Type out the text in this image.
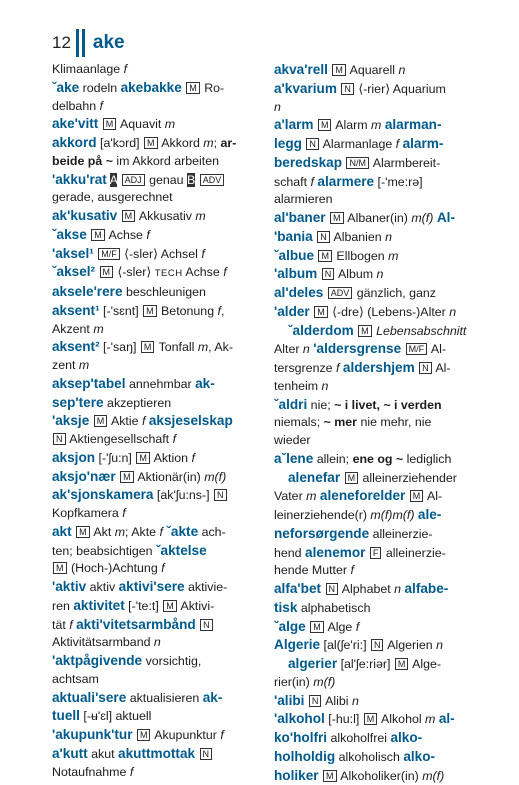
12 ake
Klimaanlage f
ˇake rodeln akebakke M Ro-
delbahn f
ake'vitt M Aquavit m
akkord [a'kɔrd] M Akkord m; ar-
beide på ~ im Akkord arbeiten
'akku'rat A ADJ genau B ADV
gerade, ausgerechnet
ak'kusativ M Akkusativ m
ˇakse M Achse f
'aksel¹ M/F ⟨-sler⟩ Achsel f
ˇaksel² M ⟨-sler⟩ TECH Achse f
aksele'rere beschleunigen
aksent¹ [-'sɛnt] M Betonung f,
Akzent m
aksent² [-'saŋ] M Tonfall m, Ak-
zent m
aksep'tabel annehmbar ak-
sep'tere akzeptieren
'aksje M Aktie f aksjeselskap
N Aktiengesellschaft f
aksjon [-'ʃu:n] M Aktion f
aksjo'nær M Aktionär(in) m(f)
ak'sjonskamera [ak'ʃu:ns-] N
Kopfkamera f
akt M Akt m; Akte f ˇakte ach-
ten; beabsichtigen ˇaktelse
M (Hoch-)Achtung f
'aktiv aktiv aktivi'sere aktivie-
ren aktivitet [-'te:t] M Aktivi-
tät f akti'vitetsarmbånd N
Aktivitätsarmband n
'aktpågivende vorsichtig,
achtsam
aktuali'sere aktualisieren ak-
tuell [-ʉ'ɛl] aktuell
'akupunk'tur M Akupunktur f
a'kutt akut akuttmottak N
Notaufnahme f
akva'rell M Aquarell n
a'kvarium N ⟨-rier⟩ Aquarium
n
a'larm M Alarm m alarman-
legg N Alarmanlage f alarm-
beredskap N/M Alarmbereit-
schaft f alarmere [-'me:rə]
alarmieren
al'baner M Albaner(in) m(f) Al-
'bania N Albanien n
ˇalbue M Ellbogen m
'album N Album n
al'deles ADV gänzlich, ganz
'alder M ⟨-dre⟩ (Lebens-)Alter n
ˇalderdom M Lebensabschnitt
Alter n 'aldersgrense M/F Al-
tersgrenze f aldershjem N Al-
tenheim n
ˇaldri nie; ~ i livet, ~ i verden
niemals; ~ mer nie mehr, nie
wieder
aˇlene allein; ene og ~ lediglich
alenefar M alleinerziehender
Vater m aleneforelder M Al-
leinerziehende(r) m(f)m(f) ale-
neforsørgende alleinerzie-
hend alenemor F alleinerzie-
hende Mutter f
alfa'bet N Alphabet n alfabe-
tisk alphabetisch
ˇalge M Alge f
Algerie [al(ʃe'ri:] N Algerien n
algerier [al'ʃe:riər] M Alge-
rier(in) m(f)
'alibi N Alibi n
'alkohol [-hu:l] M Alkohol m al-
ko'holfri alkoholfrei alko-
holholdig alkoholisch alko-
holiker M Alkoholiker(in) m(f)
